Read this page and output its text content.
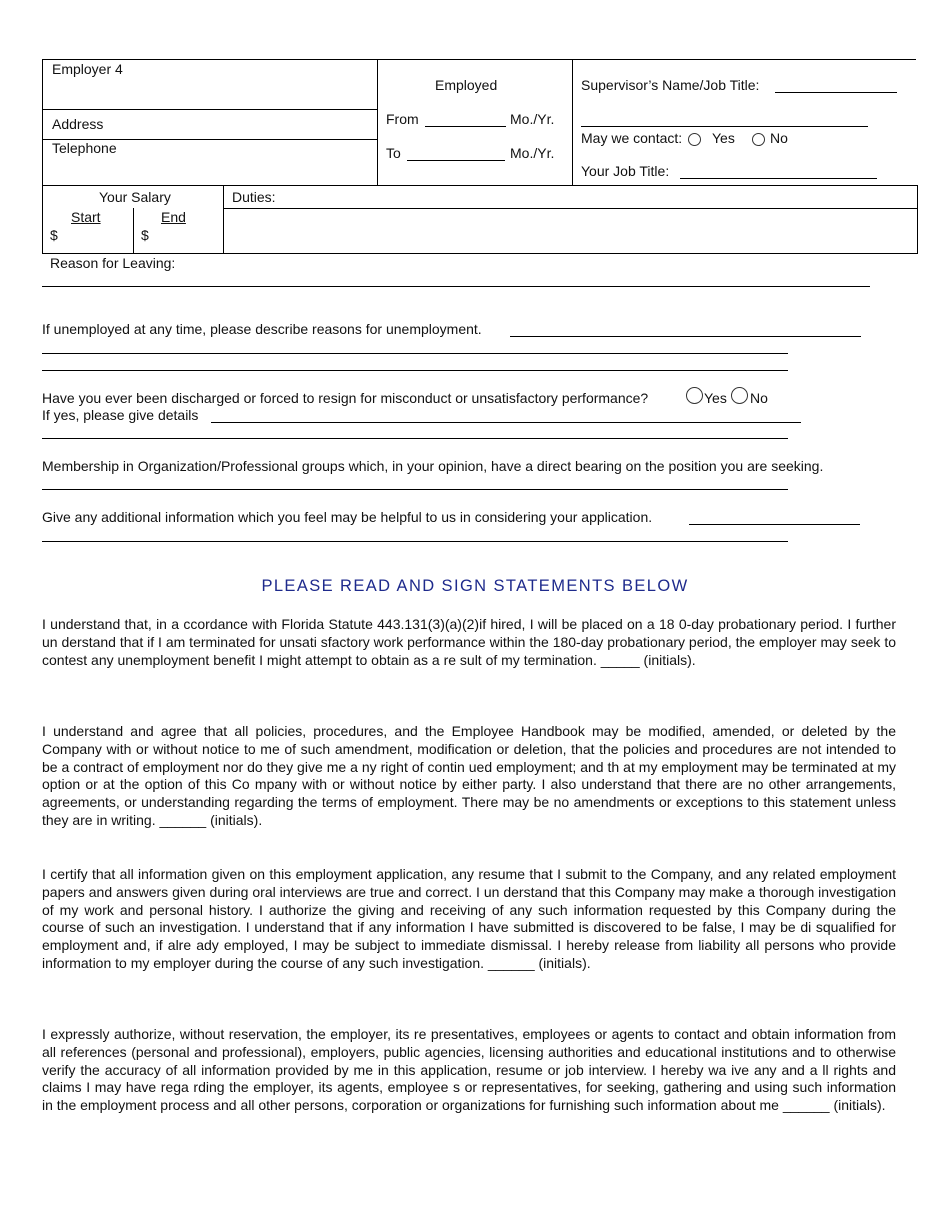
Employer 4
Address
Telephone
Employed
From	Mo./Yr.
To	Mo./Yr.
Supervisor’s Name/Job Title:
May we contact: Yes	No
Your Job Title:
Your Salary
Start	End
$	$
Duties:
Reason for Leaving:
If unemployed at any time, please describe reasons for unemployment.
Have you ever been discharged or forced to resign for misconduct or unsatisfactory performance?	Yes No
If yes, please give details
Membership in Organization/Professional groups which, in your opinion, have a direct bearing on the position you are seeking.
Give any additional information which you feel may be helpful to us in considering your application.
PLEASE READ AND SIGN STATEMENTS BELOW
I understand that, in a ccordance with Florida Statute 443.131(3)(a)(2)if hired, I will be placed on a 18 0-day probationary period. I further un derstand that if I am terminated for unsati sfactory work performance within the 180-day probationary period, the employer may seek to contest any unemployment benefit I might attempt to obtain as a re sult of my termination. _____ (initials).
I understand and agree that all policies, procedures, and the Employee Handbook may be modified, amended, or deleted by the Company with or without notice to me of such amendment, modification or deletion, that the policies and procedures are not intended to be a contract of employment nor do they give me a ny right of contin ued employment; and th at my employment may be terminated at my option or at the option of this Co mpany with or without notice by either party. I also understand that there are no other arrangements, agreements, or understanding regarding the terms of employment. There may be no amendments or exceptions to this statement unless they are in writing. ______ (initials).
I certify that all information given on this employment application, any resume that I submit to the Company, and any related employment papers and answers given during oral interviews are true and correct. I un derstand that this Company may make a thorough investigation of my work and personal history. I authorize the giving and receiving of any such information requested by this Company during the course of such an investigation. I understand that if any information I have submitted is discovered to be false, I may be di squalified for employment and, if alre ady employed, I may be subject to immediate dismissal. I hereby release from liability all persons who provide information to my employer during the course of any such investigation. ______ (initials).
I expressly authorize, without reservation, the employer, its re presentatives, employees or agents to contact and obtain information from all references (personal and professional), employers, public agencies, licensing authorities and educational institutions and to otherwise verify the accuracy of all information provided by me in this application, resume or job interview. I hereby wa ive any and a ll rights and claims I may have rega rding the employer, its agents, employee s or representatives, for seeking, gathering and using such information in the employment process and all other persons, corporation or organizations for furnishing such information about me ______ (initials).
